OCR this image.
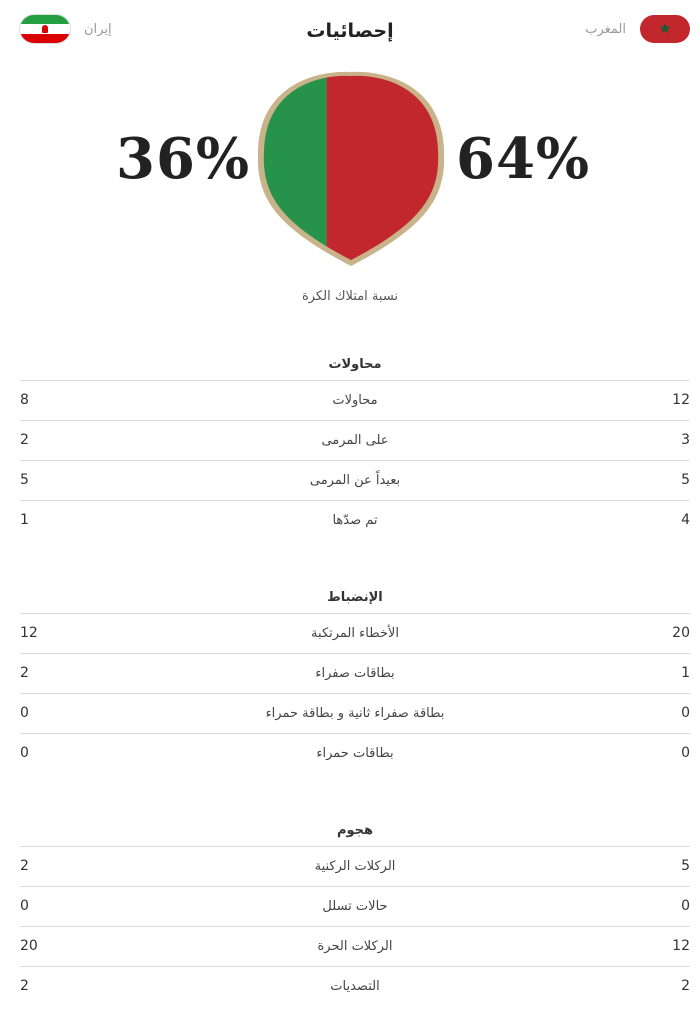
إيران	إحصائيات	المغرب ★
36%	64%
نسبة امتلاك الكرة
محاولات
8	محاولات	12
2	على المرمى	3
5	بعيداً عن المرمى	5
1	تم صدّها	4
الإنضباط
12	الأخطاء المرتكبة	20
2	بطاقات صفراء	1
0	بطاقة صفراء ثانية و بطاقة حمراء	0
0	بطاقات حمراء	0
هجوم
2	الركلات الركنية	5
0	حالات تسلل	0
20	الركلات الحرة	12
2	التصديات	2
